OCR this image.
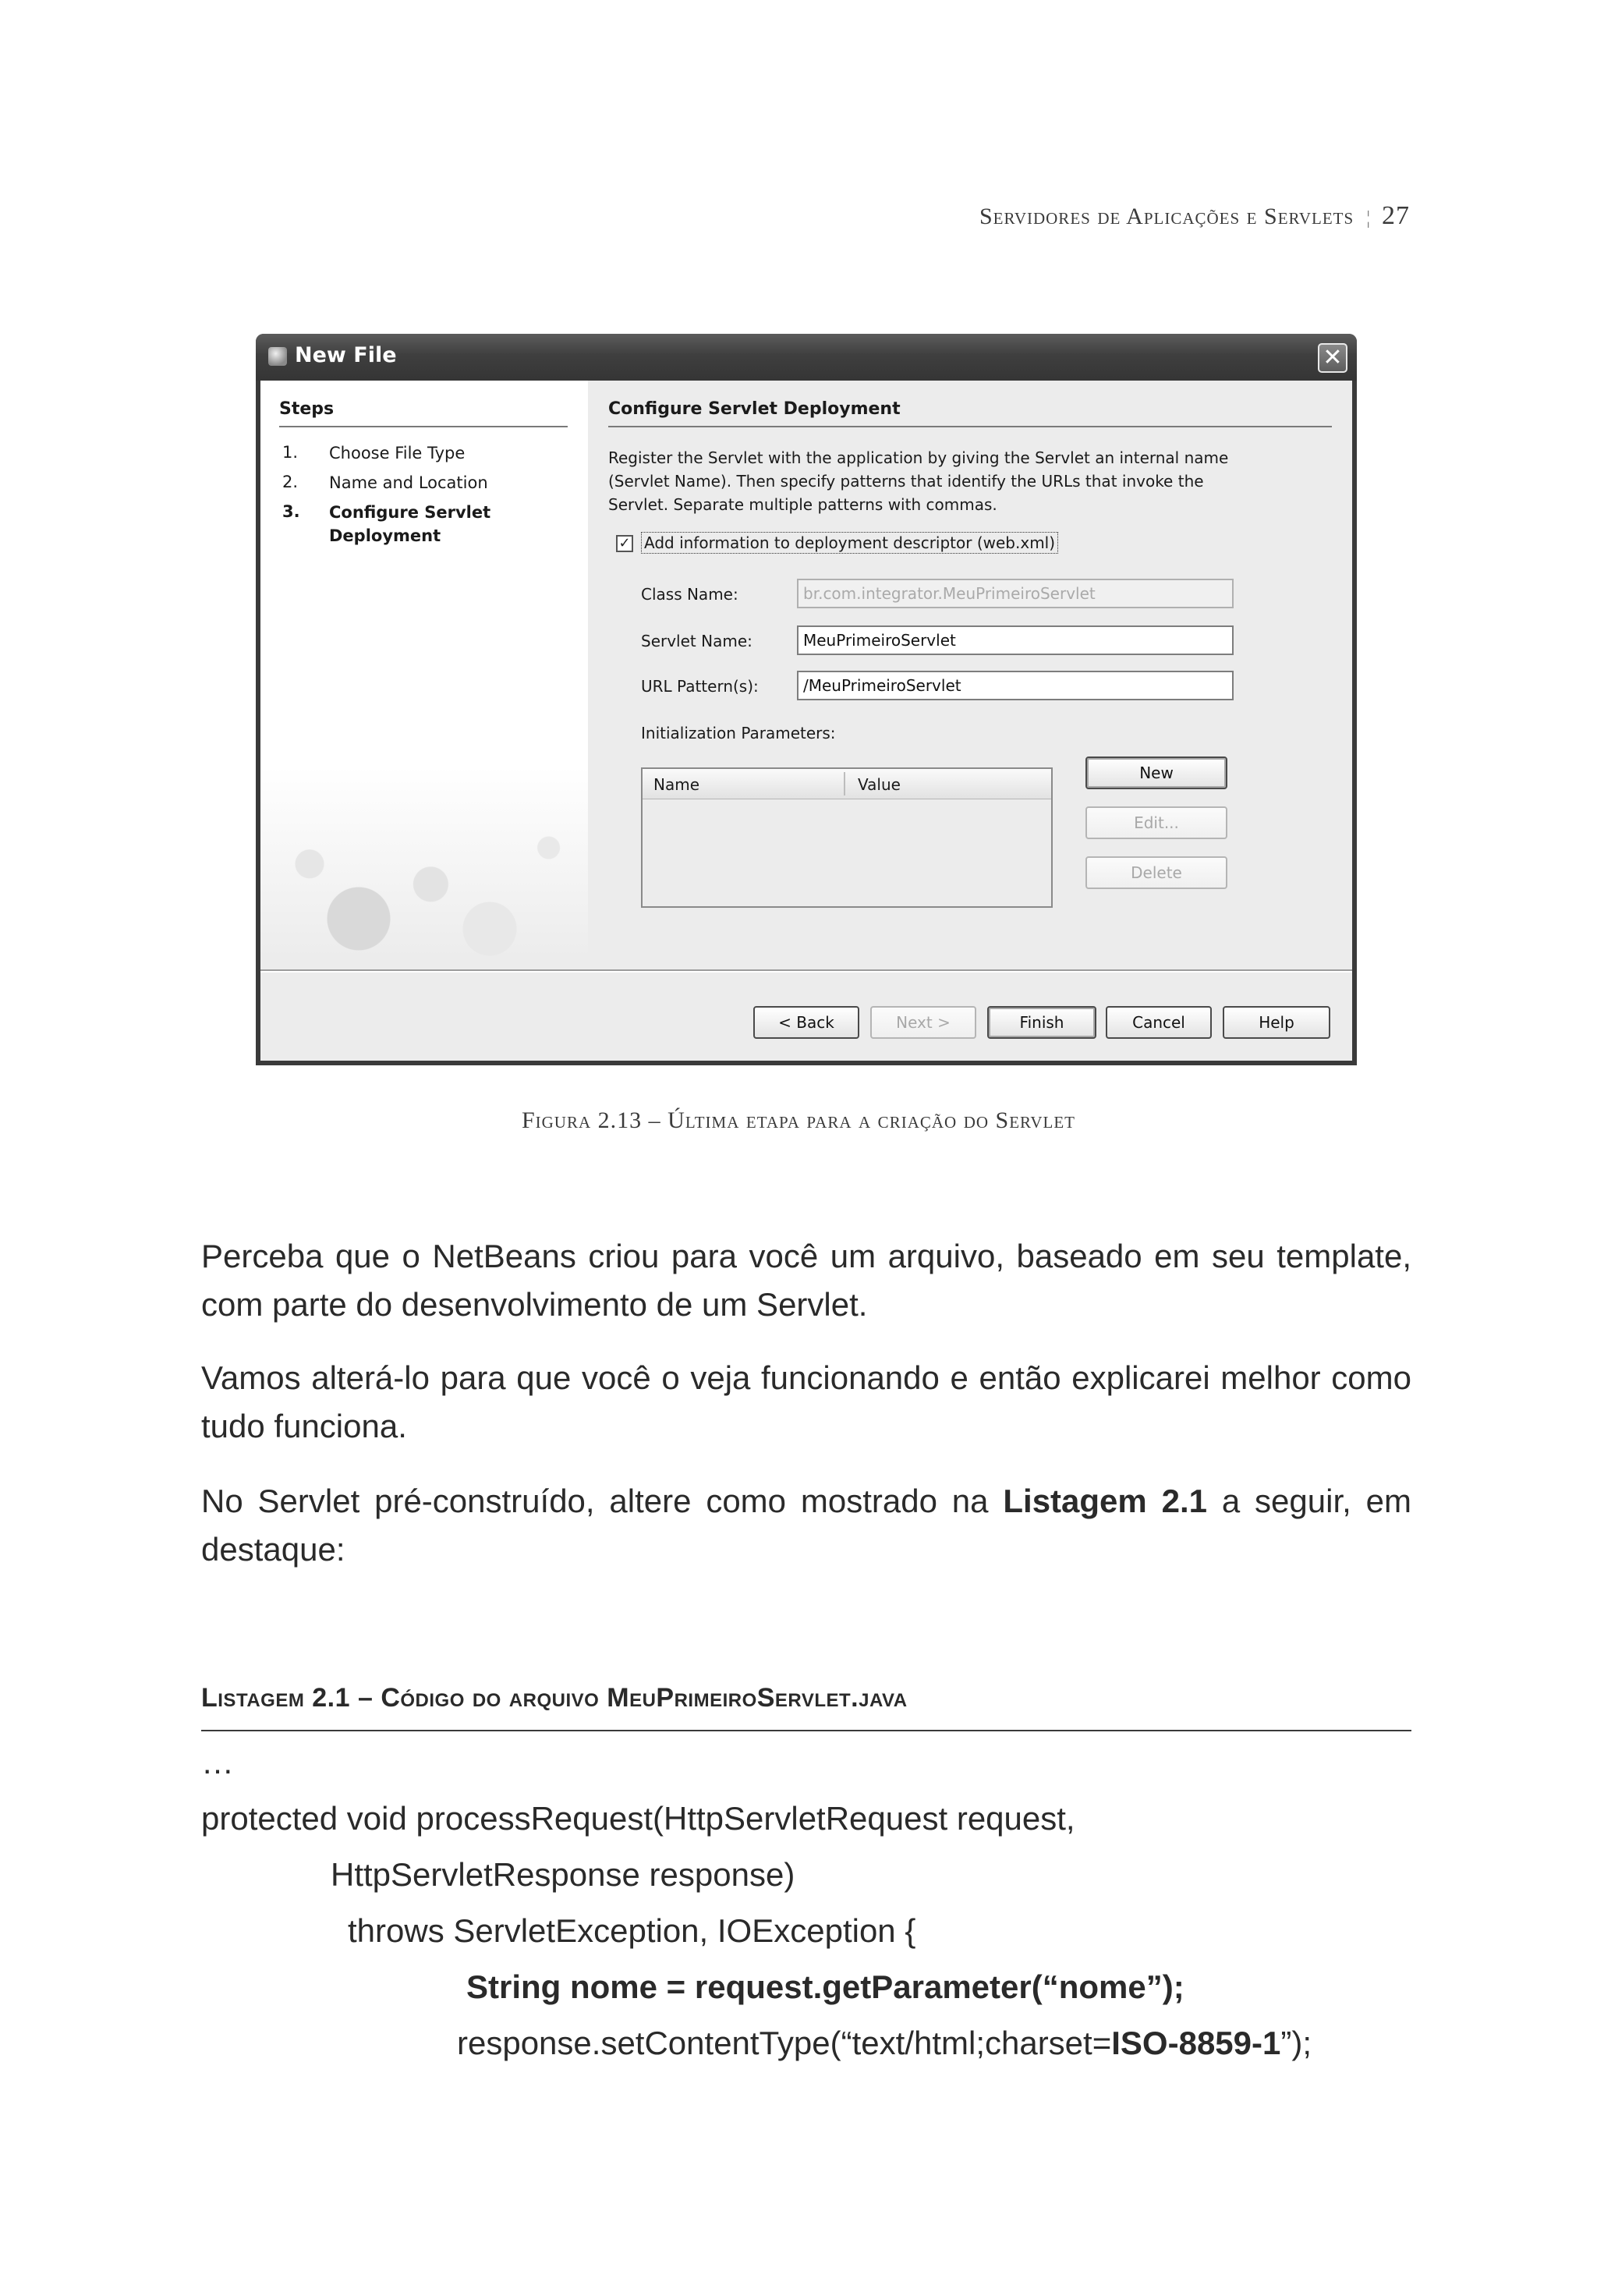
Servidores de Aplicações e Servlets ¦ 27
New File	✕
Steps
1. Choose File Type
2. Name and Location
3. Configure Servlet Deployment
Configure Servlet Deployment
Register the Servlet with the application by giving the Servlet an internal name (Servlet Name). Then specify patterns that identify the URLs that invoke the Servlet. Separate multiple patterns with commas.
✓ Add information to deployment descriptor (web.xml)
Class Name:	br.com.integrator.MeuPrimeiroServlet
Servlet Name:	MeuPrimeiroServlet
URL Pattern(s):	/MeuPrimeiroServlet
Initialization Parameters:
Name	Value
New
Edit...
Delete
< Back	Next >	Finish	Cancel	Help
Figura 2.13 – Última etapa para a criação do Servlet
Perceba que o NetBeans criou para você um arquivo, baseado em seu template, com parte do desenvolvimento de um Servlet.
Vamos alterá-lo para que você o veja funcionando e então explicarei melhor como tudo funciona.
No Servlet pré-construído, altere como mostrado na Listagem 2.1 a seguir, em destaque:
Listagem 2.1 – Código do arquivo MeuPrimeiroServlet.java
…
protected void processRequest(HttpServletRequest request,
HttpServletResponse response)
throws ServletException, IOException {
String nome = request.getParameter(“nome”);
response.setContentType(“text/html;charset=ISO-8859-1”);
